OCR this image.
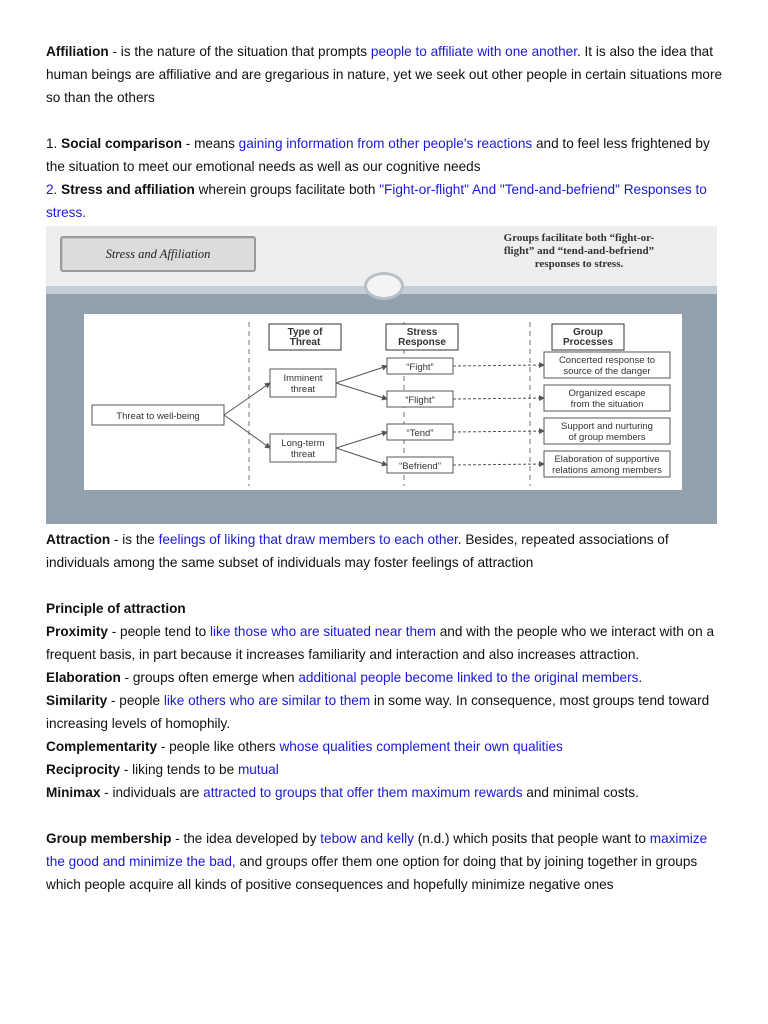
Affiliation - is the nature of the situation that prompts people to affiliate with one another. It is also the idea that human beings are affiliative and are gregarious in nature, yet we seek out other people in certain situations more so than the others

1. Social comparison - means gaining information from other people's reactions and to feel less frightened by the situation to meet our emotional needs as well as our cognitive needs

2. Stress and affiliation wherein groups facilitate both "Fight-or-flight" And "Tend-and-befriend" Responses to stress.

Stress and Affiliation
Groups facilitate both “fight-or-
flight” and “tend-and-befriend”
responses to stress.
Type of
Threat
Stress
Response
Group
Processes
Threat to well-being
Imminent
threat
Long-term
threat
“Fight”
“Flight”
“Tend”
“Befriend”
Concerted response to
source of the danger
Organized escape
from the situation
Support and nurturing
of group members
Elaboration of supportive
relations among members

Attraction - is the feelings of liking that draw members to each other. Besides, repeated associations of individuals among the same subset of individuals may foster feelings of attraction

Principle of attraction

Proximity - people tend to like those who are situated near them and with the people who we interact with on a frequent basis, in part because it increases familiarity and interaction and also increases attraction.

Elaboration - groups often emerge when additional people become linked to the original members.

Similarity - people like others who are similar to them in some way. In consequence, most groups tend toward increasing levels of homophily.

Complementarity - people like others whose qualities complement their own qualities

Reciprocity - liking tends to be mutual

Minimax - individuals are attracted to groups that offer them maximum rewards and minimal costs.

Group membership - the idea developed by tebow and kelly (n.d.) which posits that people want to maximize the good and minimize the bad, and groups offer them one option for doing that by joining together in groups which people acquire all kinds of positive consequences and hopefully minimize negative ones
